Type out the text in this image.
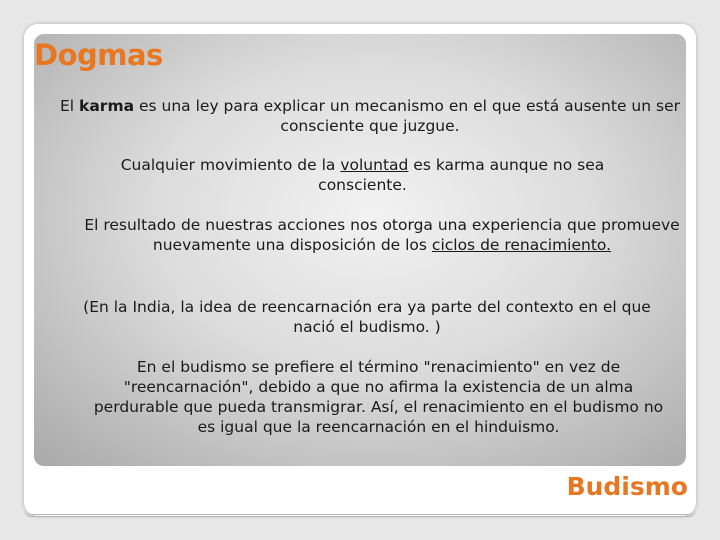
Dogmas

El karma es una ley para explicar un mecanismo en el que está ausente un ser consciente que juzgue.

Cualquier movimiento de la voluntad es karma aunque no sea consciente.

El resultado de nuestras acciones nos otorga una experiencia que promueve nuevamente una disposición de los ciclos de renacimiento.

(En la India, la idea de reencarnación era ya parte del contexto en el que nació el budismo. )

En el budismo se prefiere el término "renacimiento" en vez de "reencarnación", debido a que no afirma la existencia de un alma perdurable que pueda transmigrar. Así, el renacimiento en el budismo no es igual que la reencarnación en el hinduismo.

Budismo
